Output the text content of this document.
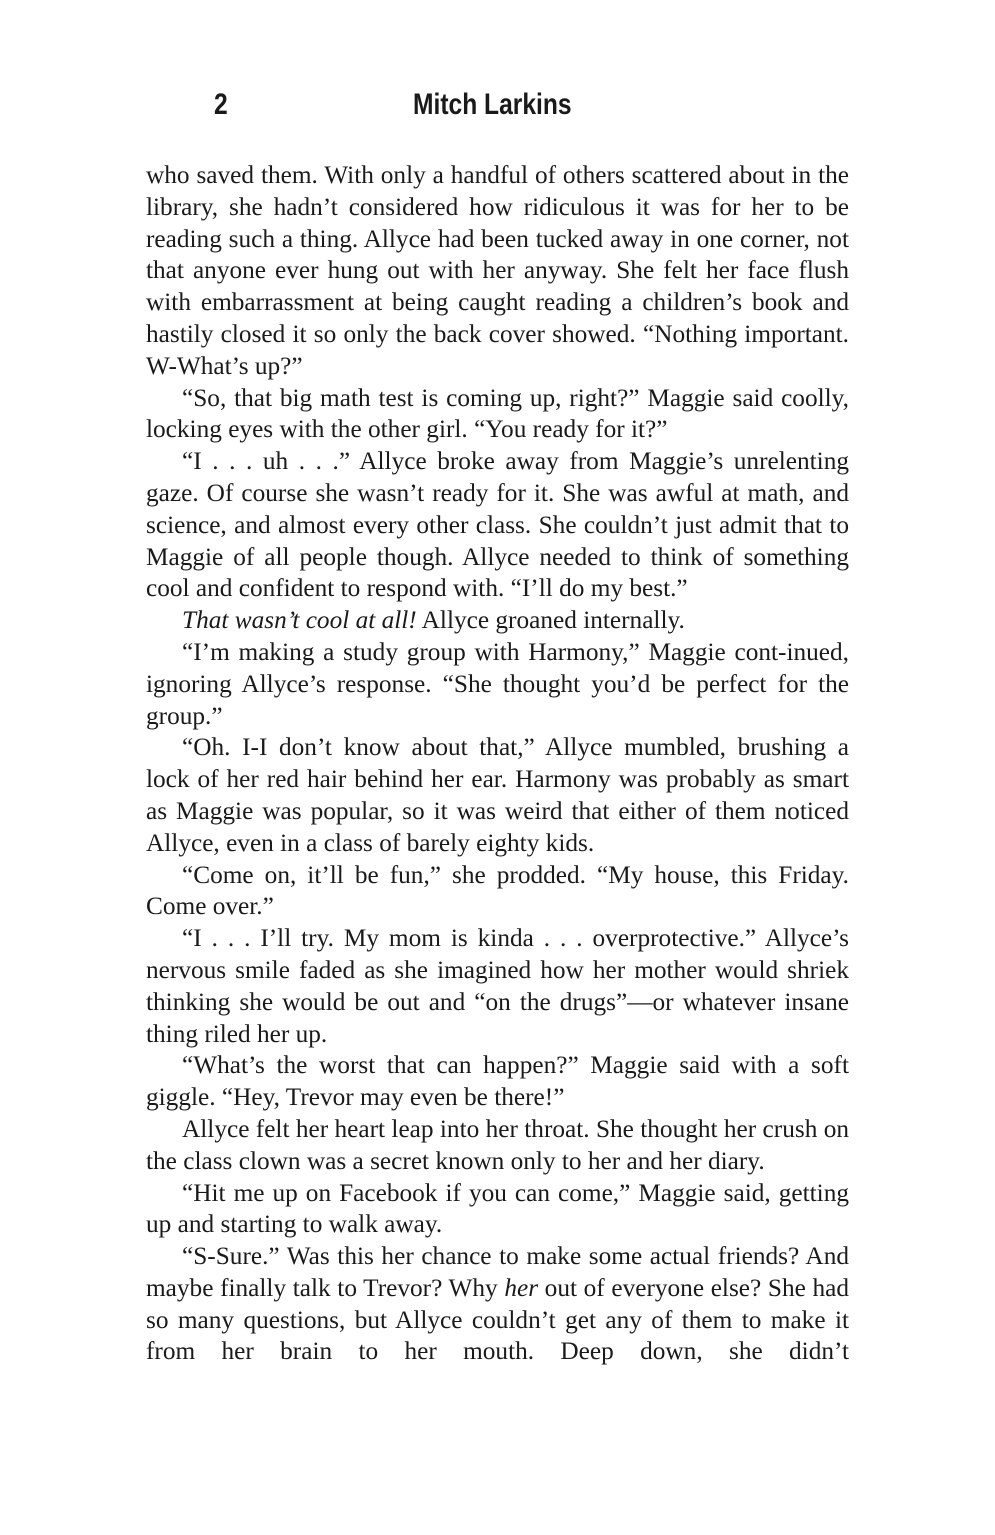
2	Mitch Larkins

who saved them. With only a handful of others scattered about in the library, she hadn’t considered how ridiculous it was for her to be reading such a thing. Allyce had been tucked away in one corner, not that anyone ever hung out with her anyway. She felt her face flush with embarrassment at being caught reading a children’s book and hastily closed it so only the back cover showed. “Nothing important. W-What’s up?”

“So, that big math test is coming up, right?” Maggie said coolly, locking eyes with the other girl. “You ready for it?”

“I . . . uh . . .” Allyce broke away from Maggie’s unrelenting gaze. Of course she wasn’t ready for it. She was awful at math, and science, and almost every other class. She couldn’t just admit that to Maggie of all people though. Allyce needed to think of something cool and confident to respond with. “I’ll do my best.”

That wasn’t cool at all! Allyce groaned internally.

“I’m making a study group with Harmony,” Maggie cont-inued, ignoring Allyce’s response. “She thought you’d be perfect for the group.”

“Oh. I-I don’t know about that,” Allyce mumbled, brushing a lock of her red hair behind her ear. Harmony was probably as smart as Maggie was popular, so it was weird that either of them noticed Allyce, even in a class of barely eighty kids.

“Come on, it’ll be fun,” she prodded. “My house, this Friday. Come over.”

“I . . . I’ll try. My mom is kinda . . . overprotective.” Allyce’s nervous smile faded as she imagined how her mother would shriek thinking she would be out and “on the drugs”—or whatever insane thing riled her up.

“What’s the worst that can happen?” Maggie said with a soft giggle. “Hey, Trevor may even be there!”

Allyce felt her heart leap into her throat. She thought her crush on the class clown was a secret known only to her and her diary.

“Hit me up on Facebook if you can come,” Maggie said, getting up and starting to walk away.

“S-Sure.” Was this her chance to make some actual friends? And maybe finally talk to Trevor? Why her out of everyone else? She had so many questions, but Allyce couldn’t get any of them to make it from her brain to her mouth. Deep down, she didn’t
